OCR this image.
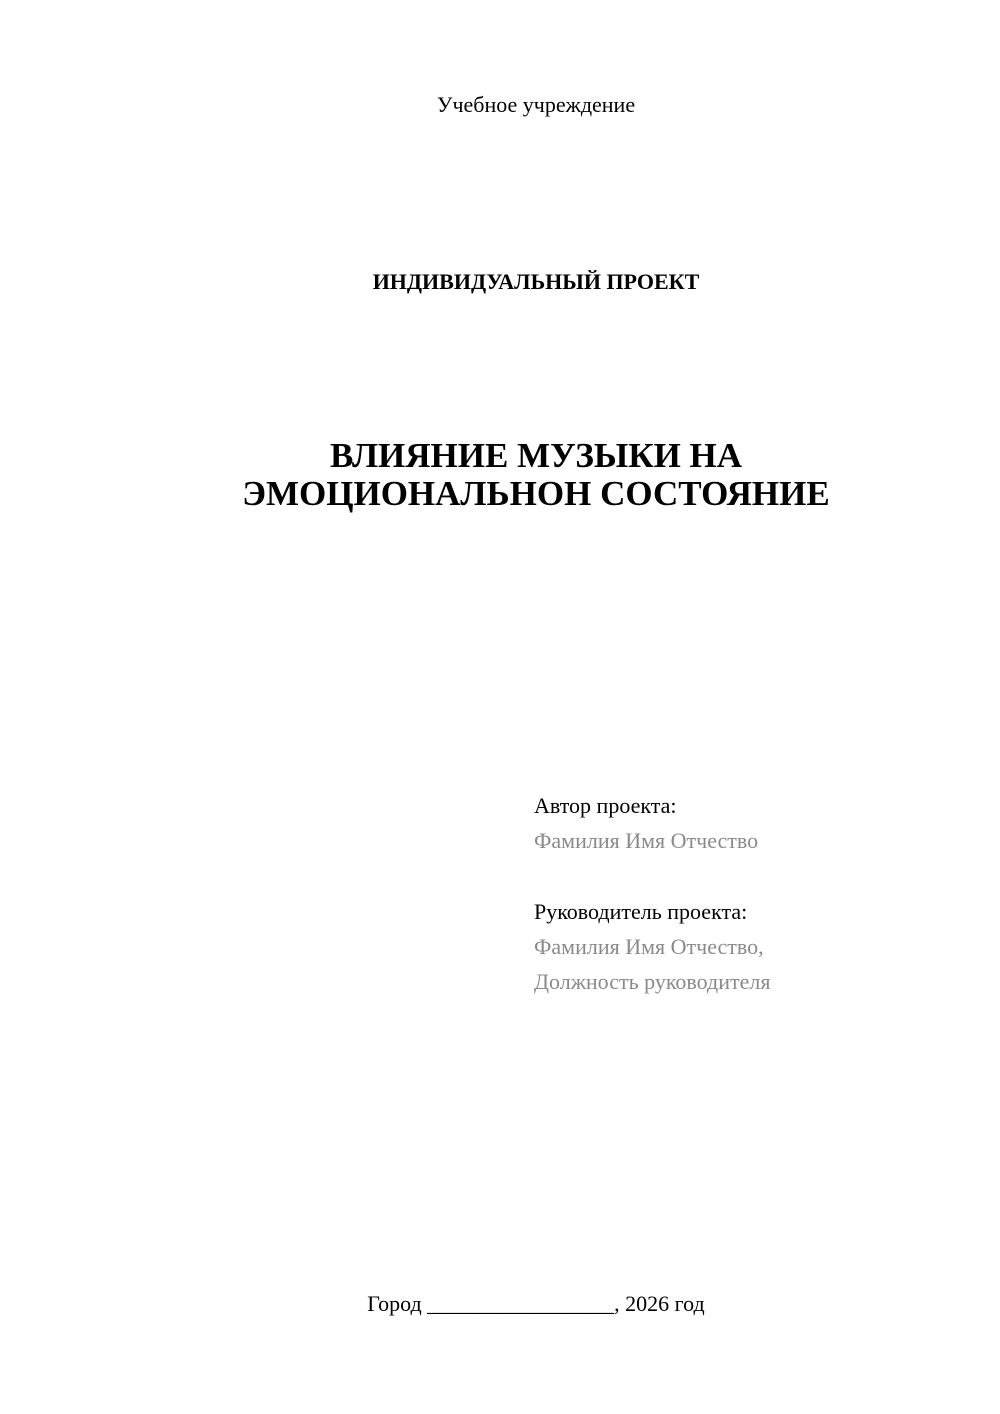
Учебное учреждение
ИНДИВИДУАЛЬНЫЙ ПРОЕКТ
ВЛИЯНИЕ МУЗЫКИ НА
ЭМОЦИОНАЛЬНОН СОСТОЯНИЕ
Автор проекта:
Фамилия Имя Отчество
Руководитель проекта:
Фамилия Имя Отчество,
Должность руководителя
Город _________________, 2026 год
